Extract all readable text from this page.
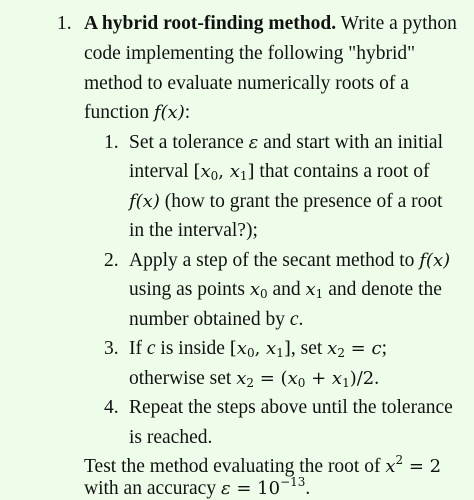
1. A hybrid root-finding method. Write a python
code implementing the following "hybrid"
method to evaluate numerically roots of a
function f(x):
1. Set a tolerance ε and start with an initial
interval [$x_0$, $x_1$] that contains a root of
f(x) (how to grant the presence of a root
in the interval?);
2. Apply a step of the secant method to f(x)
using as points $x_0$ and $x_1$ and denote the
number obtained by c.
3. If c is inside [$x_0$, $x_1$], set $x_2 = c$;
otherwise set $x_2 = (x_0 + x_1)/2$.
4. Repeat the steps above until the tolerance
is reached.
Test the method evaluating the root of $x^2 = 2$
with an accuracy $\varepsilon = 10^{-13}$.
